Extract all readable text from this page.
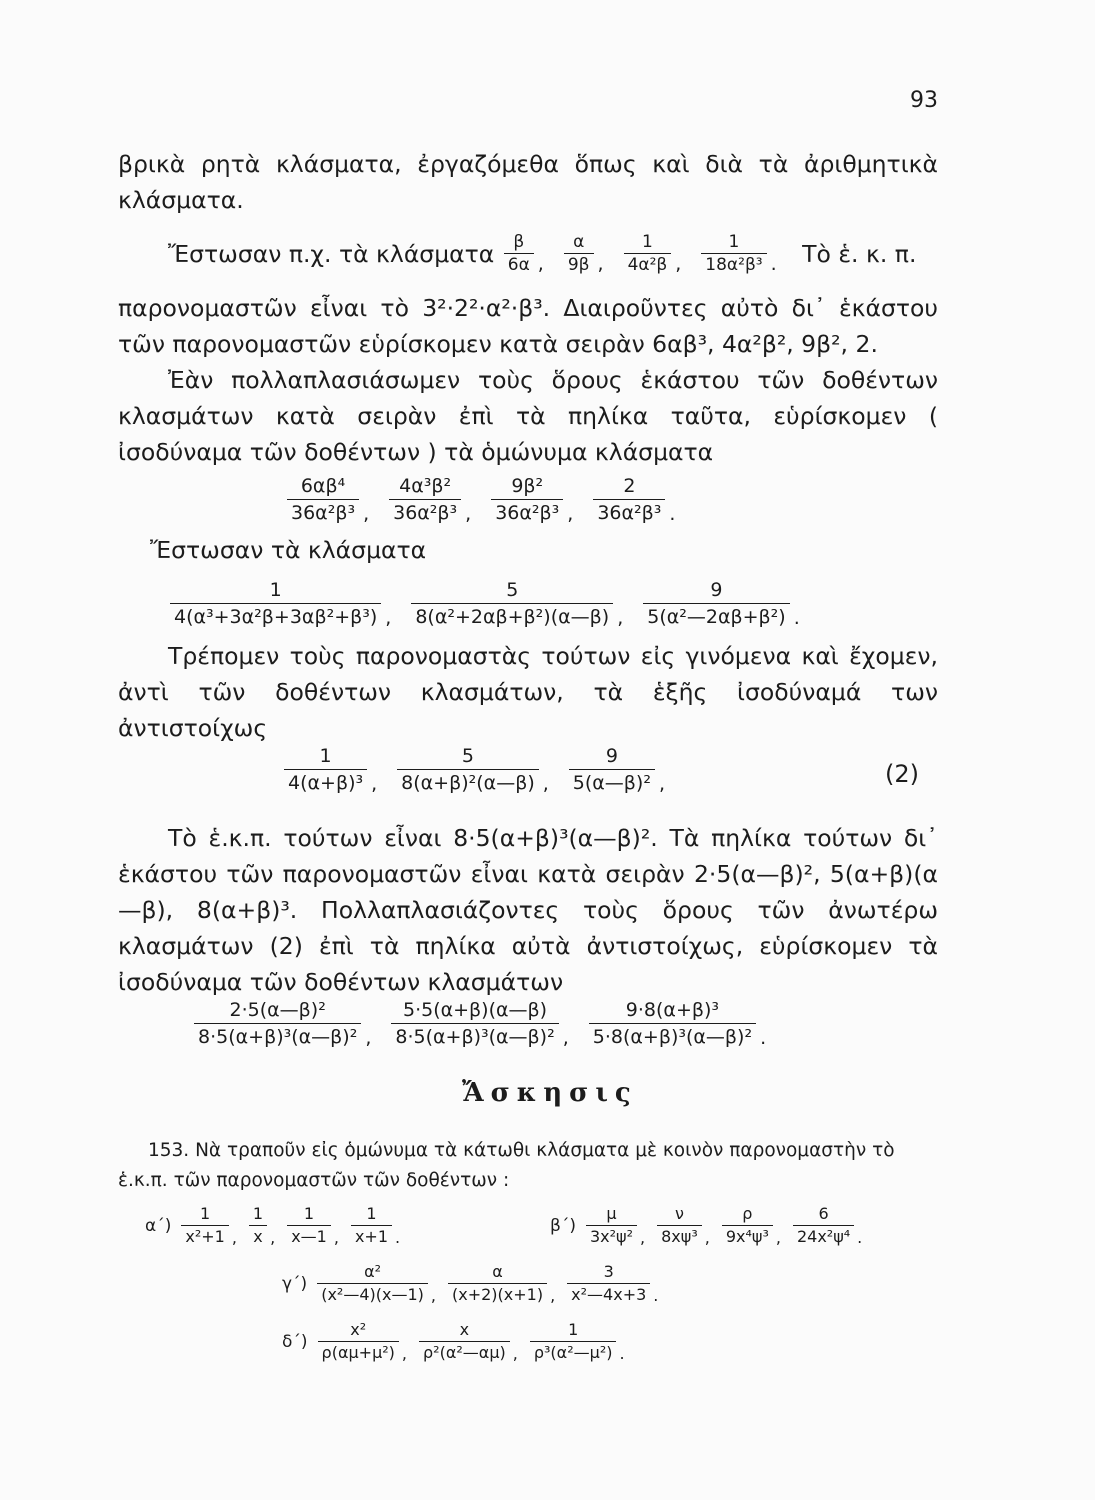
93
βρικὰ ρητὰ κλάσματα, ἐργαζόμεθα ὅπως καὶ διὰ τὰ ἀριθμητικὰ κλάσματα.
Ἔστωσαν π.χ. τὰ κλάσματα
$\frac{\beta}{6\alpha}$ , $\frac{\alpha}{9\beta}$ , $\frac{1}{\text{4α²β}}$ , $\frac{1}{\text{18α²β³}}$ .
Τὸ ἑ. κ. π.
παρονομαστῶν εἶναι τὸ 3²·2²·α²·β³. Διαιροῦντες αὐτὸ δι᾽ ἑκάστου τῶν παρονομαστῶν εὑρίσκομεν κατὰ σειρὰν 6αβ³, 4α²β², 9β², 2.
Ἐὰν πολλαπλασιάσωμεν τοὺς ὅρους ἑκάστου τῶν δοθέντων κλασμάτων κατὰ σειρὰν ἐπὶ τὰ πηλίκα ταῦτα, εὑρίσκομεν ( ἰσοδύναμα τῶν δοθέντων ) τὰ ὁμώνυμα κλάσματα
$\frac{\text{6αβ⁴}}{\text{36α²β³}}$ , $\frac{\text{4α³β²}}{\text{36α²β³}}$ , $\frac{\text{9β²}}{\text{36α²β³}}$ , $\frac{2}{\text{36α²β³}}$ .
Ἔστωσαν τὰ κλάσματα
$\frac{1}{\text{4(α³+3α²β+3αβ²+β³)}}$ , $\frac{5}{\text{8(α²+2αβ+β²)(α—β)}}$ , $\frac{9}{\text{5(α²—2αβ+β²)}}$ .
Τρέπομεν τοὺς παρονομαστὰς τούτων εἰς γινόμενα καὶ ἔχομεν, ἀντὶ τῶν δοθέντων κλασμάτων, τὰ ἑξῆς ἰσοδύναμά των ἀντιστοίχως
$\frac{1}{\text{4(α+β)³}}$ , $\frac{5}{\text{8(α+β)²(α—β)}}$ , $\frac{9}{\text{5(α—β)²}}$ ,	(2)
Τὸ ἑ.κ.π. τούτων εἶναι 8·5(α+β)³(α—β)². Τὰ πηλίκα τούτων δι᾽ ἑκάστου τῶν παρονομαστῶν εἶναι κατὰ σειρὰν 2·5(α—β)², 5(α+β)(α—β), 8(α+β)³. Πολλαπλασιάζοντες τοὺς ὅρους τῶν ἀνωτέρω κλασμάτων (2) ἐπὶ τὰ πηλίκα αὐτὰ ἀντιστοίχως, εὑρίσκομεν τὰ ἰσοδύναμα τῶν δοθέντων κλασμάτων
$\frac{\text{2·5(α—β)²}}{\text{8·5(α+β)³(α—β)²}}$ , $\frac{5\cdot 5(\alpha+\beta)(\alpha—\beta)}{\text{8·5(α+β)³(α—β)²}}$ , $\frac{\text{9·8(α+β)³}}{\text{5·8(α+β)³(α—β)²}}$ .
Ἄσκησις
153. Νὰ τραποῦν εἰς ὁμώνυμα τὰ κάτωθι κλάσματα μὲ κοινὸν παρονομαστὴν τὸ ἑ.κ.π. τῶν παρονομαστῶν τῶν δοθέντων :
$\alpha΄) \frac{1}{\text{x²+1}}$ , $\frac{1}{x}$ , $\frac{1}{x—1}$ , $\frac{1}{x+1}$ .
$\beta΄) \frac{\mu}{\text{3x²ψ²}}$ , $\frac{\nu}{\text{8xψ³}}$ , $\frac{\rho}{\text{9x⁴ψ³}}$ , $\frac{6}{\text{24x²ψ⁴}}$ .
$\gamma΄) \frac{\text{α²}}{\text{(x²—4)(x—1)}}$ , $\frac{\alpha}{(x+2)(x+1)}$ , $\frac{3}{\text{x²—4x+3}}$ .
$\delta΄) \frac{\text{x²}}{\text{ρ(αμ+μ²)}}$ , $\frac{x}{\text{ρ²(α²—αμ)}}$ , $\frac{1}{\text{ρ³(α²—μ²)}}$ .
